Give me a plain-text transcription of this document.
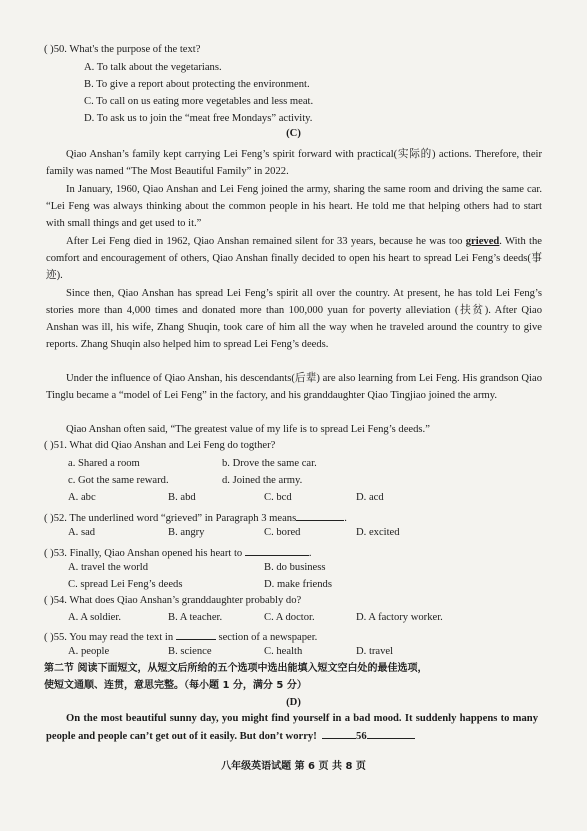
( )50. What's the purpose of the text?
A. To talk about the vegetarians.
B. To give a report about protecting the environment.
C. To call on us eating more vegetables and less meat.
D. To ask us to join the “meat free Mondays” activity.
(C)
Qiao Anshan’s family kept carrying Lei Feng’s spirit forward with practical(实际的) actions. Therefore, their family was named “The Most Beautiful Family” in 2022.
In January, 1960, Qiao Anshan and Lei Feng joined the army, sharing the same room and driving the same car. “Lei Feng was always thinking about the common people in his heart. He told me that helping others had to start with small things and get used to it.”
After Lei Feng died in 1962, Qiao Anshan remained silent for 33 years, because he was too grieved. With the comfort and encouragement of others, Qiao Anshan finally decided to open his heart to spread Lei Feng’s deeds(事迹).
Since then, Qiao Anshan has spread Lei Feng’s spirit all over the country. At present, he has told Lei Feng’s stories more than 4,000 times and donated more than 100,000 yuan for poverty alleviation (扶贫). After Qiao Anshan was ill, his wife, Zhang Shuqin, took care of him all the way when he traveled around the country to give reports. Zhang Shuqin also helped him to spread Lei Feng’s deeds.
Under the influence of Qiao Anshan, his descendants(后辈) are also learning from Lei Feng. His grandson Qiao Tinglu became a “model of Lei Feng” in the factory, and his granddaughter Qiao Tingjiao joined the army.
Qiao Anshan often said, “The greatest value of my life is to spread Lei Feng’s deeds.”
( )51. What did Qiao Anshan and Lei Feng do togther?
a. Shared a room	b. Drove the same car.
c. Got the same reward.	d. Joined the army.
A. abc	B. abd	C. bcd	D. acd
( )52. The underlined word “grieved” in Paragraph 3 means	.
A. sad	B. angry	C. bored	D. excited
( )53. Finally, Qiao Anshan opened his heart to	.
A. travel the world	B. do business
C. spread Lei Feng’s deeds	D. make friends
( )54. What does Qiao Anshan’s granddaughter probably do?
A. A soldier.	B. A teacher.	C. A doctor.	D. A factory worker.
( )55. You may read the text in	section of a newspaper.
A. people	B. science	C. health	D. travel
第二节 阅读下面短文，从短文后所给的五个选项中选出能填入短文空白处的最佳选项，
使短文通顺、连贯，意思完整。（每小题 1 分，满分 5 分）
(D)
On the most beautiful sunny day, you might find yourself in a bad mood. It suddenly happens to many people and people can’t get out of it easily. But don’t worry!	56
八年级英语试题 第 6 页 共 8 页
